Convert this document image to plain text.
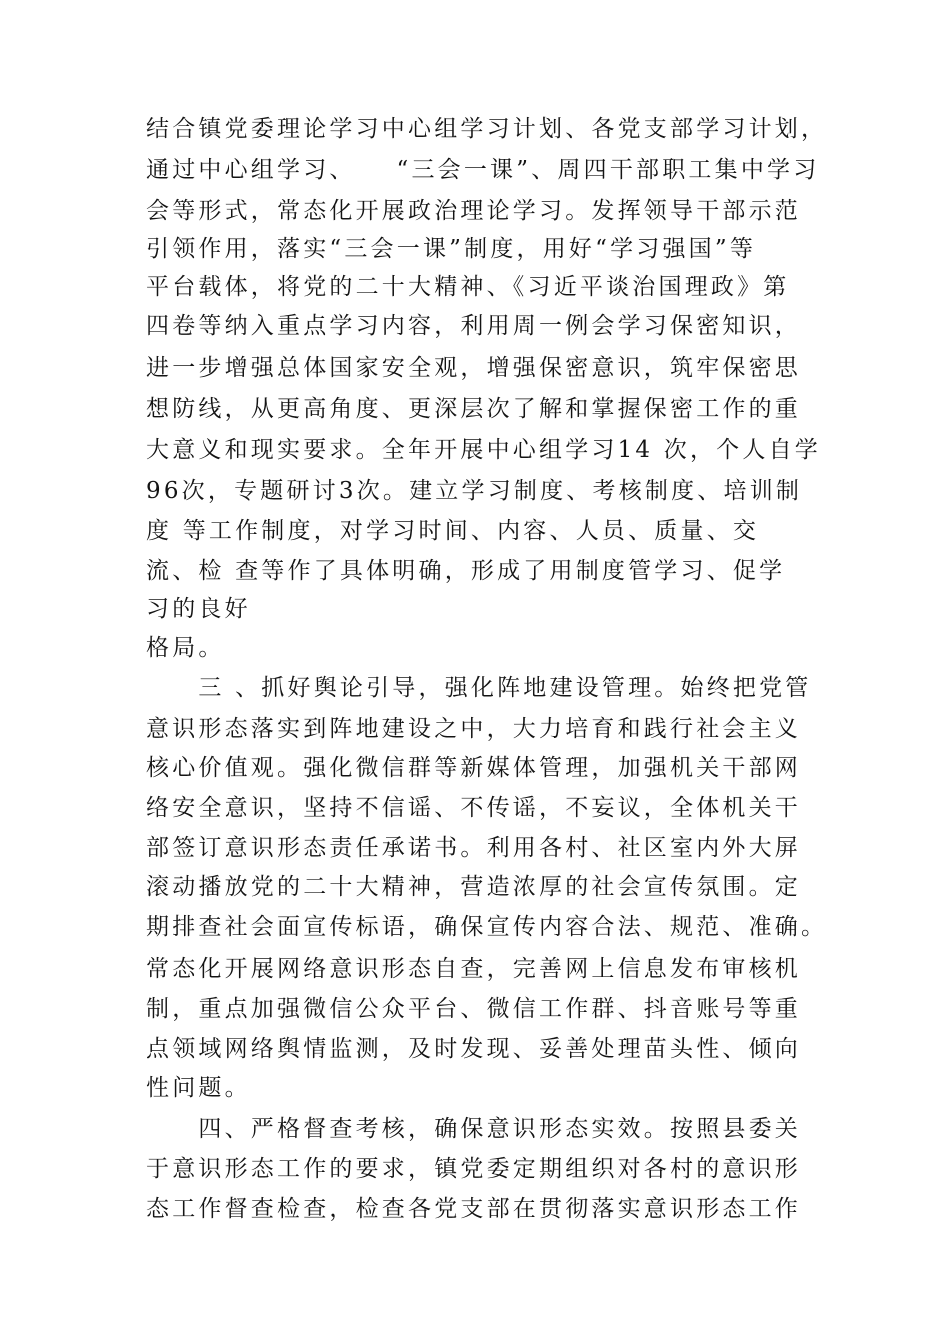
结合镇党委理论学习中心组学习计划、各党支部学习计划，

通过中心组学习、　　“三会一课”、周四干部职工集中学习

会等形式，常态化开展政治理论学习。发挥领导干部示范

引领作用，落实“三会一课”制度，用好“学习强国”等

平台载体，将党的二十大精神、《习近平谈治国理政》第

四卷等纳入重点学习内容，利用周一例会学习保密知识，

进一步增强总体国家安全观，增强保密意识，筑牢保密思

想防线，从更高角度、更深层次了解和掌握保密工作的重

大意义和现实要求。全年开展中心组学习14 次，个人自学

96次，专题研讨3次。建立学习制度、考核制度、培训制

度 等工作制度，对学习时间、内容、人员、质量、交

流、检 查等作了具体明确，形成了用制度管学习、促学

习的良好

格局。

　　三 、抓好舆论引导，强化阵地建设管理。始终把党管

意识形态落实到阵地建设之中，大力培育和践行社会主义

核心价值观。强化微信群等新媒体管理，加强机关干部网

络安全意识，坚持不信谣、不传谣，不妄议，全体机关干

部签订意识形态责任承诺书。利用各村、社区室内外大屏

滚动播放党的二十大精神，营造浓厚的社会宣传氛围。定

期排查社会面宣传标语，确保宣传内容合法、规范、准确。

常态化开展网络意识形态自查，完善网上信息发布审核机

制，重点加强微信公众平台、微信工作群、抖音账号等重

点领域网络舆情监测，及时发现、妥善处理苗头性、倾向

性问题。

　　四、严格督查考核，确保意识形态实效。按照县委关

于意识形态工作的要求，镇党委定期组织对各村的意识形

态工作督查检查，检查各党支部在贯彻落实意识形态工作
